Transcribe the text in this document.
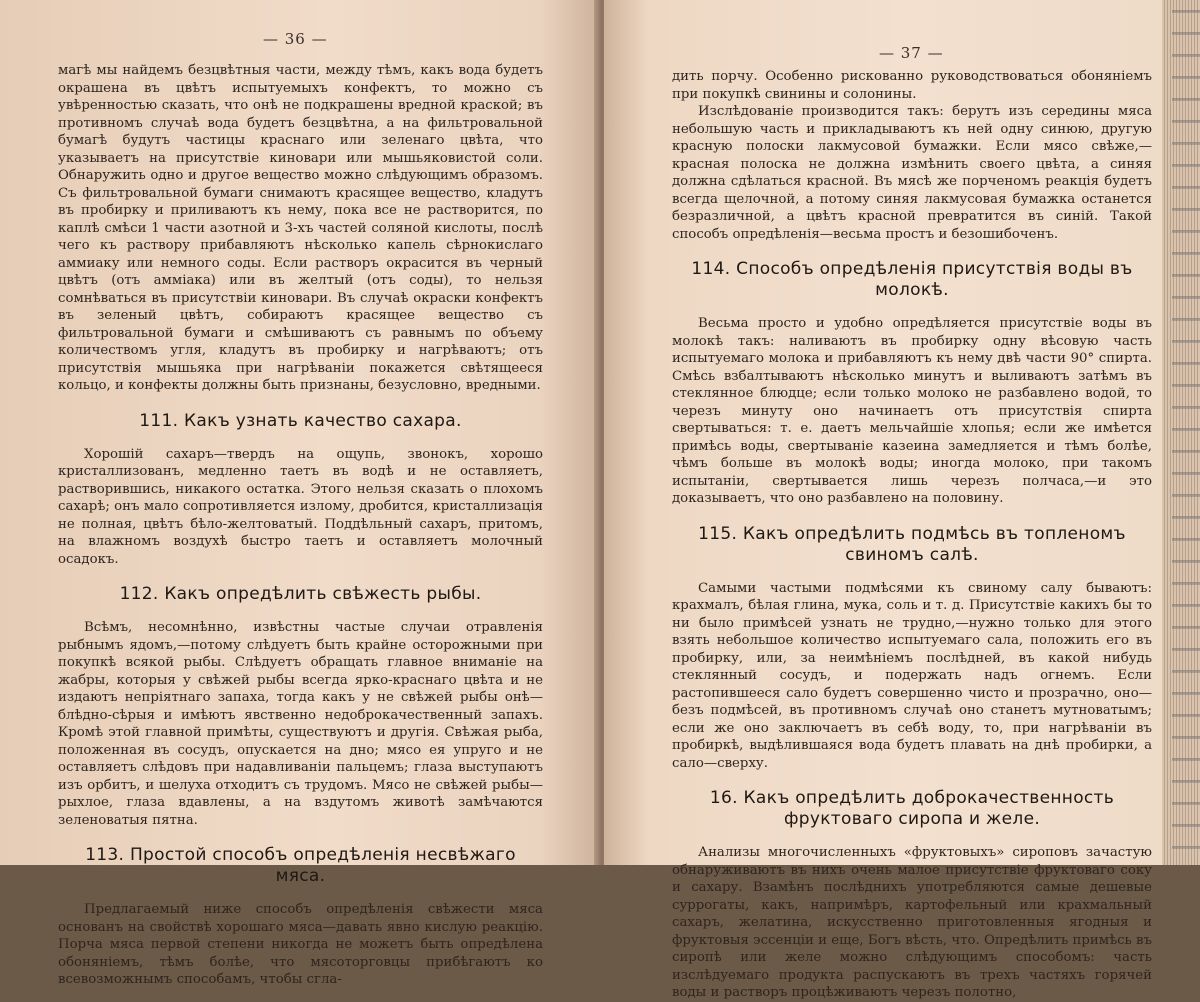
— 36 —

магѣ мы найдемъ безцвѣтныя части, между тѣмъ, какъ вода будетъ окрашена въ цвѣтъ испытуемыхъ конфектъ, то можно съ увѣренностью сказать, что онѣ не подкрашены вредной краской; въ противномъ случаѣ вода будетъ безцвѣтна, а на фильтровальной бумагѣ будутъ частицы краснаго или зеленаго цвѣта, что указываетъ на присутствіе киновари или мышьяковистой соли. Обнаружить одно и другое вещество можно слѣдующимъ образомъ. Съ фильтровальной бумаги снимаютъ красящее вещество, кладутъ въ пробирку и приливаютъ къ нему, пока все не растворится, по каплѣ смѣси 1 части азотной и 3-хъ частей соляной кислоты, послѣ чего къ раствору прибавляютъ нѣсколько капель сѣрнокислаго аммиаку или немного соды. Если растворъ окрасится въ черный цвѣтъ (отъ аммiака) или въ желтый (отъ соды), то нельзя сомнѣваться въ присутствіи киновари. Въ случаѣ окраски конфектъ въ зеленый цвѣтъ, собираютъ красящее вещество съ фильтровальной бумаги и смѣшиваютъ съ равнымъ по объему количествомъ угля, кладутъ въ пробирку и нагрѣваютъ; отъ присутствія мышьяка при нагрѣваніи покажется свѣтящееся кольцо, и конфекты должны быть признаны, безусловно, вредными.

111. Какъ узнать качество сахара.

Хорошій сахаръ—твердъ на ощупь, звонокъ, хорошо кристаллизованъ, медленно таетъ въ водѣ и не оставляетъ, растворившись, никакого остатка. Этого нельзя сказать о плохомъ сахарѣ; онъ мало сопротивляется излому, дробится, кристаллизація не полная, цвѣтъ бѣло-желтоватый. Поддѣльный сахаръ, притомъ, на влажномъ воздухѣ быстро таетъ и оставляетъ молочный осадокъ.

112. Какъ опредѣлить свѣжесть рыбы.

Всѣмъ, несомнѣнно, извѣстны частые случаи отравленія рыбнымъ ядомъ,—потому слѣдуетъ быть крайне осторожными при покупкѣ всякой рыбы. Слѣдуетъ обращать главное вниманіе на жабры, которыя у свѣжей рыбы всегда ярко-краснаго цвѣта и не издаютъ непріятнаго запаха, тогда какъ у не свѣжей рыбы онѣ—блѣдно-сѣрыя и имѣютъ явственно недоброкачественный запахъ. Кромѣ этой главной примѣты, существуютъ и другія. Свѣжая рыба, положенная въ сосудъ, опускается на дно; мясо ея упруго и не оставляетъ слѣдовъ при надавливаніи пальцемъ; глаза выступаютъ изъ орбитъ, и шелуха отходитъ съ трудомъ. Мясо не свѣжей рыбы—рыхлое, глаза вдавлены, а на вздутомъ животѣ замѣчаются зеленоватыя пятна.

113. Простой способъ опредѣленія несвѣжаго мяса.

Предлагаемый ниже способъ опредѣленія свѣжести мяса основанъ на свойствѣ хорошаго мяса—давать явно кислую реакцію. Порча мяса первой степени никогда не можетъ быть опредѣлена обоняніемъ, тѣмъ болѣе, что мясоторговцы прибѣгаютъ ко всевозможнымъ способамъ, чтобы сгла-

— 37 —

дить порчу. Особенно рискованно руководствоваться обоняніемъ при покупкѣ свинины и солонины.

Изслѣдованіе производится такъ: берутъ изъ середины мяса небольшую часть и прикладываютъ къ ней одну синюю, другую красную полоски лакмусовой бумажки. Если мясо свѣже,—красная полоска не должна измѣнить своего цвѣта, а синяя должна сдѣлаться красной. Въ мясѣ же порченомъ реакція будетъ всегда щелочной, а потому синяя лакмусовая бумажка останется безразличной, а цвѣтъ красной превратится въ синій. Такой способъ опредѣленія—весьма простъ и безошибоченъ.

114. Способъ опредѣленія присутствія воды въ молокѣ.

Весьма просто и удобно опредѣляется присутствіе воды въ молокѣ такъ: наливаютъ въ пробирку одну вѣсовую часть испытуемаго молока и прибавляютъ къ нему двѣ части 90° спирта. Смѣсь взбалтываютъ нѣсколько минутъ и выливаютъ затѣмъ въ стеклянное блюдце; если только молоко не разбавлено водой, то черезъ минуту оно начинаетъ отъ присутствія спирта свертываться: т. е. даетъ мельчайшіе хлопья; если же имѣется примѣсь воды, свертываніе казеина замедляется и тѣмъ болѣе, чѣмъ больше въ молокѣ воды; иногда молоко, при такомъ испытаніи, свертывается лишь черезъ полчаса,—и это доказываетъ, что оно разбавлено на половину.

115. Какъ опредѣлить подмѣсь въ топленомъ свиномъ салѣ.

Самыми частыми подмѣсями къ свиному салу бываютъ: крахмалъ, бѣлая глина, мука, соль и т. д. Присутствіе какихъ бы то ни было примѣсей узнать не трудно,—нужно только для этого взять небольшое количество испытуемаго сала, положить его въ пробирку, или, за неимѣніемъ послѣдней, въ какой нибудь стеклянный сосудъ, и подержать надъ огнемъ. Если растопившееся сало будетъ совершенно чисто и прозрачно, оно—безъ подмѣсей, въ противномъ случаѣ оно станетъ мутноватымъ; если же оно заключаетъ въ себѣ воду, то, при нагрѣваніи въ пробиркѣ, выдѣлившаяся вода будетъ плавать на днѣ пробирки, а сало—сверху.

16. Какъ опредѣлить доброкачественность фруктоваго сиропа и желе.

Анализы многочисленныхъ «фруктовыхъ» сироповъ зачастую обнаруживаютъ въ нихъ очень малое присутствіе фруктоваго соку и сахару. Взамѣнъ послѣднихъ употребляются самые дешевые суррогаты, какъ, напримѣръ, картофельный или крахмальный сахаръ, желатина, искусственно приготовленныя ягодныя и фруктовыя эссенціи и еще, Богъ вѣсть, что. Опредѣлить примѣсь въ сиропѣ или желе можно слѣдующимъ способомъ: часть изслѣдуемаго продукта распускаютъ въ трехъ частяхъ горячей воды и растворъ процѣживаютъ черезъ полотно,
